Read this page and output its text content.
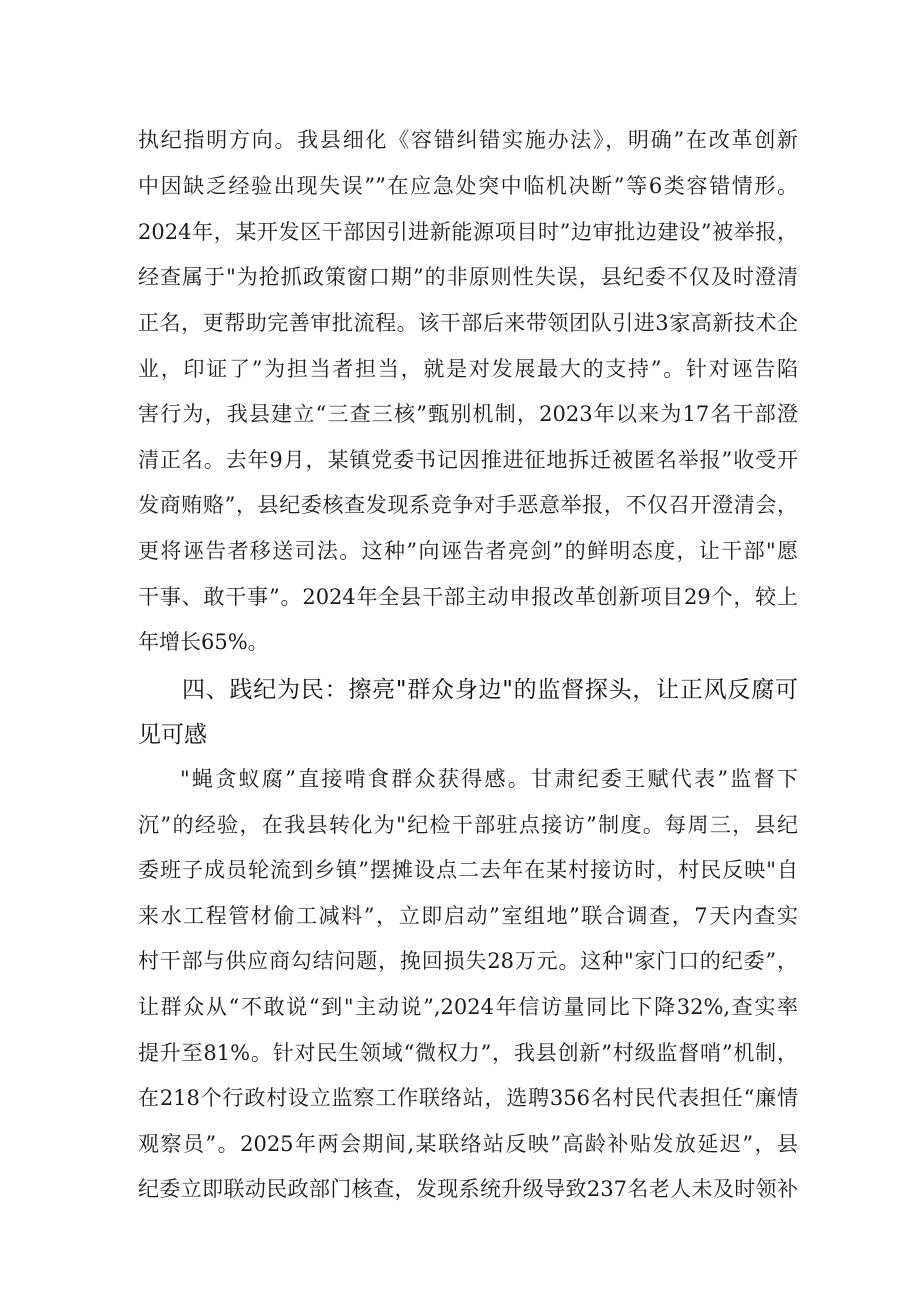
执纪指明方向。我县细化《容错纠错实施办法》，明确”在改革创新
中因缺乏经验出现失误””在应急处突中临机决断”等6类容错情形。
2024年，某开发区干部因引进新能源项目时”边审批边建设”被举报，
经查属于"为抢抓政策窗口期”的非原则性失误，县纪委不仅及时澄清
正名，更帮助完善审批流程。该干部后来带领团队引进3家高新技术企
业，印证了”为担当者担当，就是对发展最大的支持”。针对诬告陷
害行为，我县建立“三查三核”甄别机制，2023年以来为17名干部澄
清正名。去年9月，某镇党委书记因推进征地拆迁被匿名举报”收受开
发商贿赂”，县纪委核查发现系竞争对手恶意举报，不仅召开澄清会，
更将诬告者移送司法。这种”向诬告者亮剑”的鲜明态度，让干部"愿
干事、敢干事”。2024年全县干部主动申报改革创新项目29个，较上
年增长65%。
四、践纪为民：擦亮"群众身边"的监督探头，让正风反腐可
见可感
"蝇贪蚁腐”直接啃食群众获得感。甘肃纪委王赋代表”监督下
沉”的经验，在我县转化为"纪检干部驻点接访”制度。每周三，县纪
委班子成员轮流到乡镇”摆摊设点二去年在某村接访时，村民反映"自
来水工程管材偷工减料”，立即启动”室组地”联合调查，7天内查实
村干部与供应商勾结问题，挽回损失28万元。这种"家门口的纪委”，
让群众从“不敢说“到"主动说”,2024年信访量同比下降32%,查实率
提升至81%。针对民生领域“微权力”，我县创新”村级监督哨”机制，
在218个行政村设立监察工作联络站，选聘356名村民代表担任“廉情
观察员”。2025年两会期间,某联络站反映”高龄补贴发放延迟”，县
纪委立即联动民政部门核查，发现系统升级导致237名老人未及时领补
